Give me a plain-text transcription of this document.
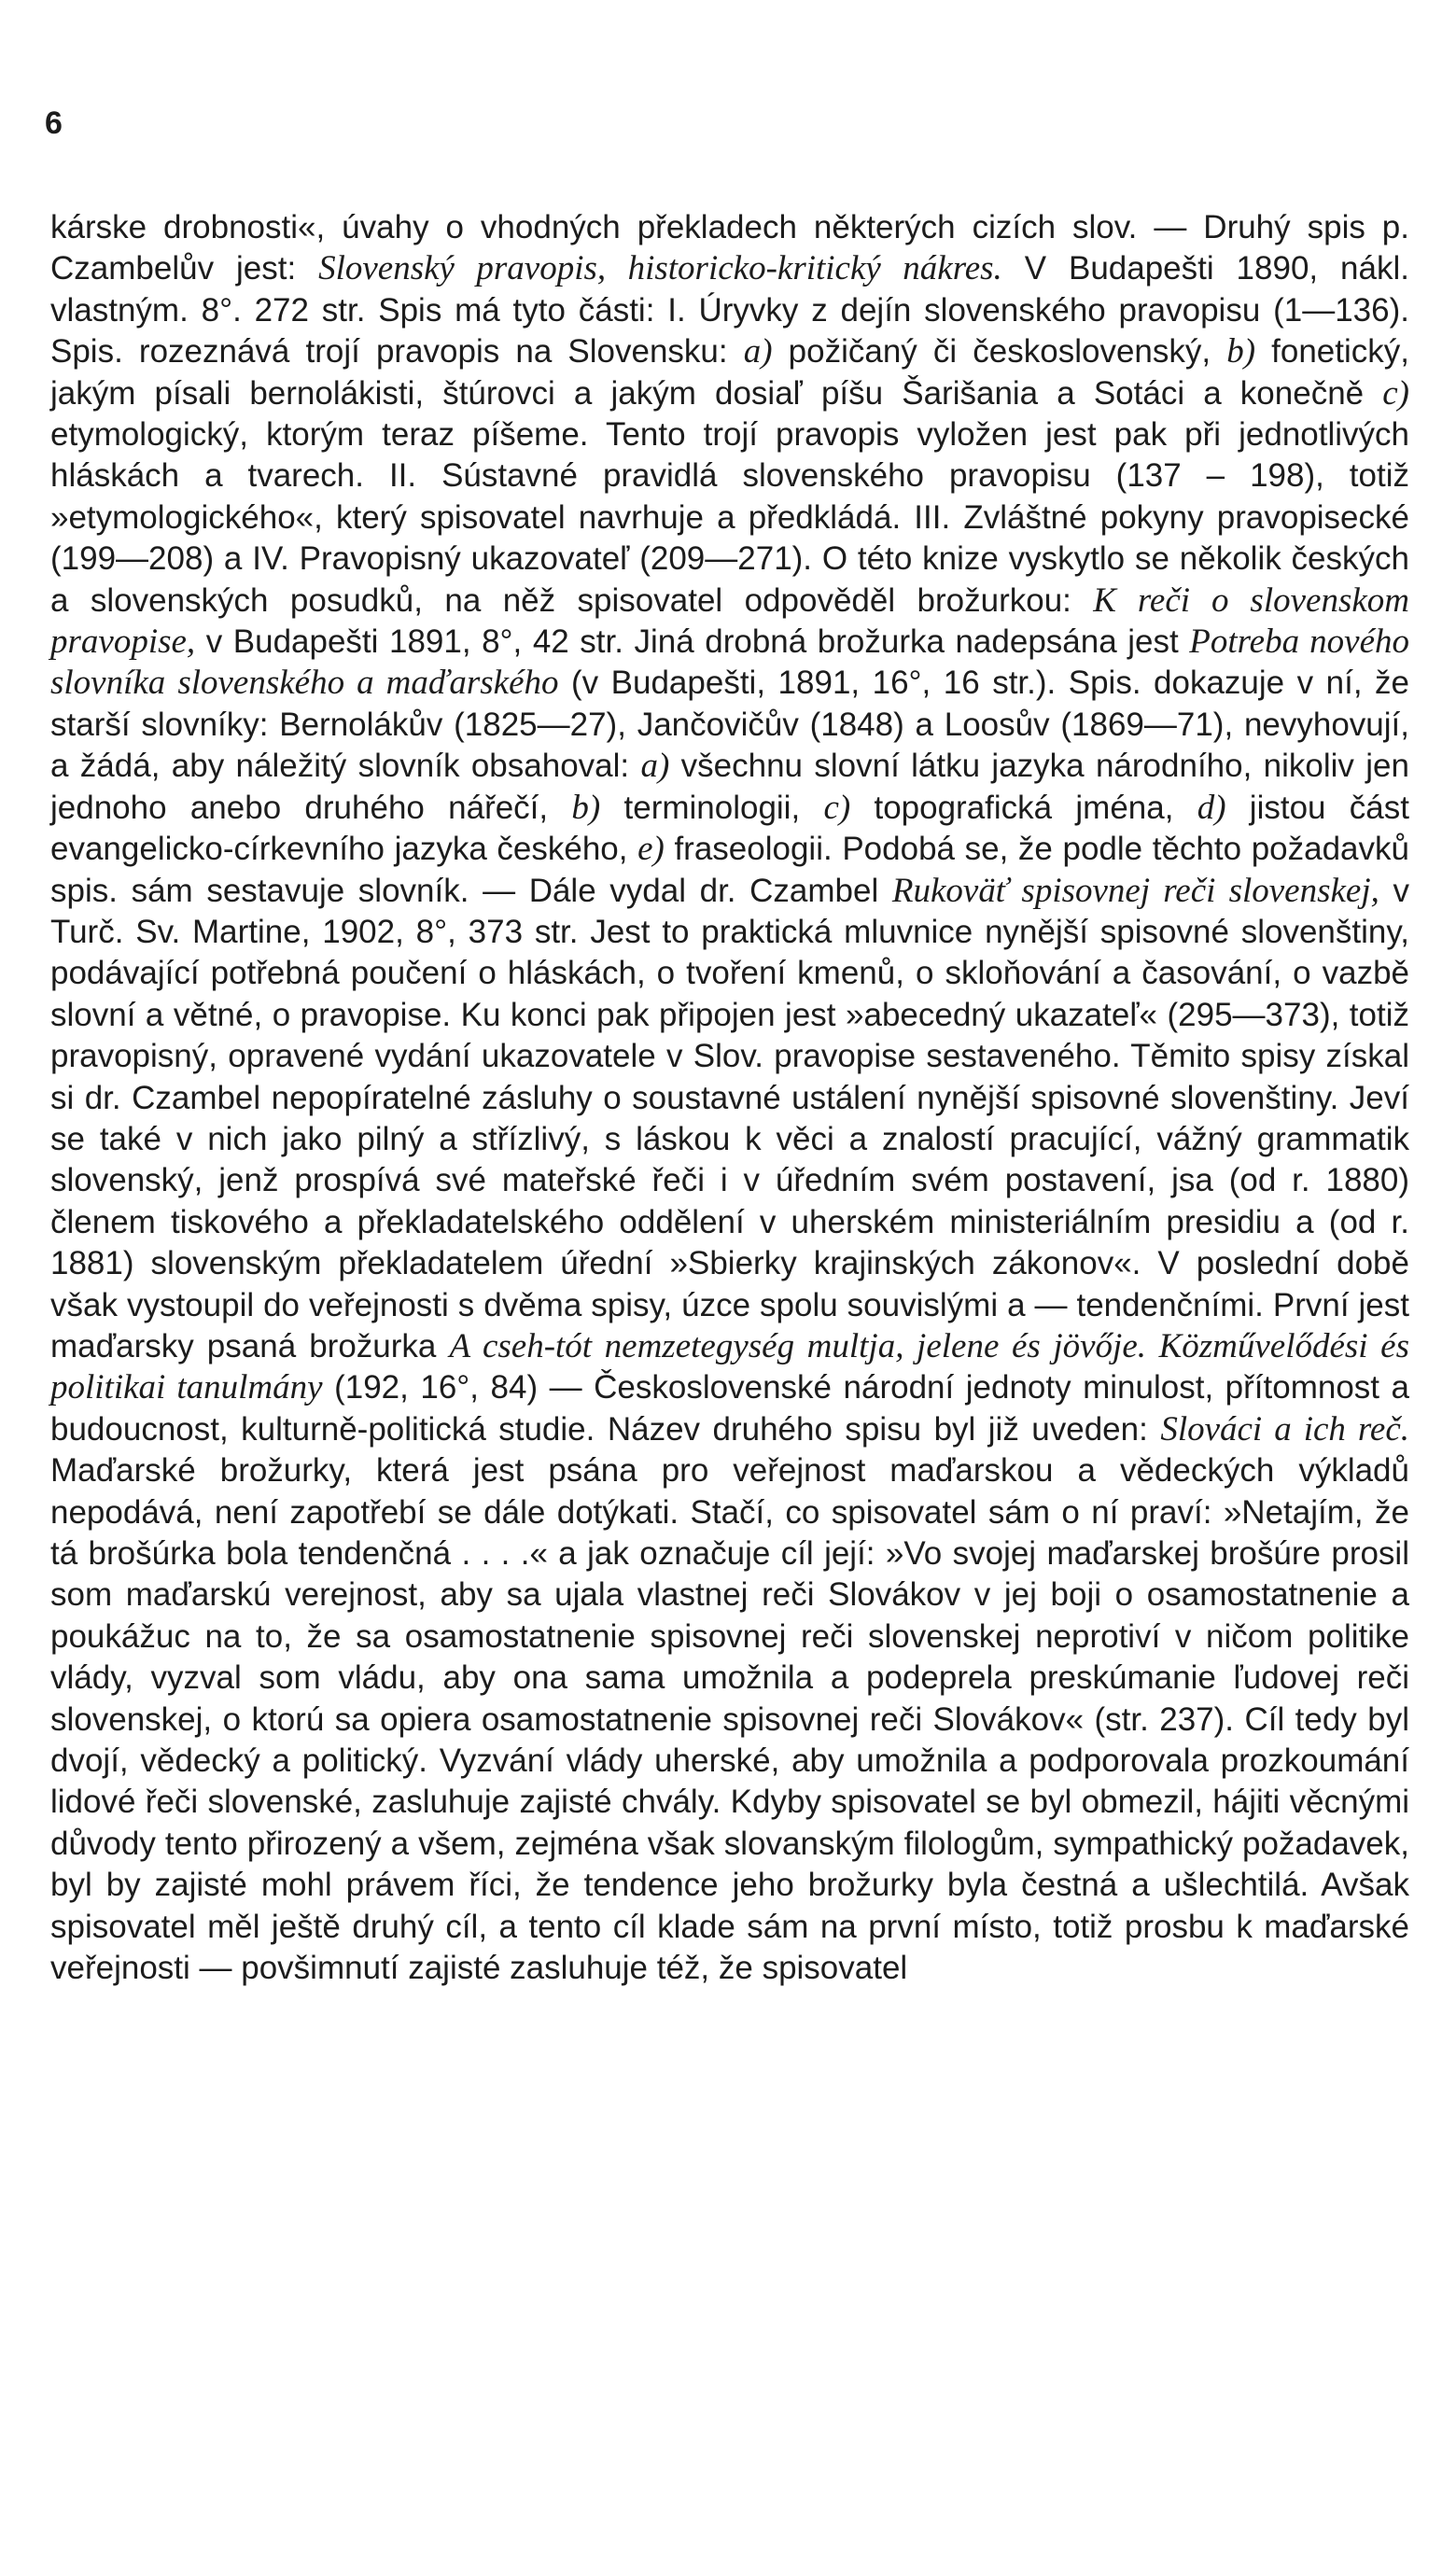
6

kárske drobnosti«, úvahy o vhodných překladech některých cizích slov. — Druhý spis p. Czambelův jest: Slovenský pravopis, historicko-kritický nákres. V Budapešti 1890, nákl. vlastným. 8°. 272 str. Spis má tyto části: I. Úryvky z dejín slovenského pravopisu (1—136). Spis. rozeznává trojí pravopis na Slovensku: a) požičaný či československý, b) fonetický, jakým písali bernolákisti, štúrovci a jakým dosiaľ píšu Šarišania a Sotáci a konečně c) etymologický, ktorým teraz píšeme. Tento trojí pravopis vyložen jest pak při jednotlivých hláskách a tvarech. II. Sústavné pravidlá slovenského pravopisu (137 – 198), totiž »etymologického«, který spisovatel navrhuje a předkládá. III. Zvláštné pokyny pravopisecké (199—208) a IV. Pravopisný ukazovateľ (209—271). O této knize vyskytlo se několik českých a slovenských posudků, na něž spisovatel odpověděl brožurkou: K reči o slovenskom pravopise, v Budapešti 1891, 8°, 42 str. Jiná drobná brožurka nadepsána jest Potreba nového slovníka slovenského a maďarského (v Budapešti, 1891, 16°, 16 str.). Spis. dokazuje v ní, že starší slovníky: Bernolákův (1825—27), Jančovičův (1848) a Loosův (1869—71), nevyhovují, a žádá, aby náležitý slovník obsahoval: a) všechnu slovní látku jazyka národního, nikoliv jen jednoho anebo druhého nářečí, b) terminologii, c) topografická jména, d) jistou část evangelicko-církevního jazyka českého, e) fraseologii. Podobá se, že podle těchto požadavků spis. sám sestavuje slovník. — Dále vydal dr. Czambel Rukoväť spisovnej reči slovenskej, v Turč. Sv. Martine, 1902, 8°, 373 str. Jest to praktická mluvnice nynější spisovné slovenštiny, podávající potřebná poučení o hláskách, o tvoření kmenů, o skloňování a časování, o vazbě slovní a větné, o pravopise. Ku konci pak připojen jest »abecedný ukazateľ« (295—373), totiž pravopisný, opravené vydání ukazovatele v Slov. pravopise sestaveného. Těmito spisy získal si dr. Czambel nepopíratelné zásluhy o soustavné ustálení nynější spisovné slovenštiny. Jeví se také v nich jako pilný a střízlivý, s láskou k věci a znalostí pracující, vážný grammatik slovenský, jenž prospívá své mateřské řeči i v úředním svém postavení, jsa (od r. 1880) členem tiskového a překladatelského oddělení v uherském ministeriálním presidiu a (od r. 1881) slovenským překladatelem úřední »Sbierky krajinských zákonov«. V poslední době však vystoupil do veřejnosti s dvěma spisy, úzce spolu souvislými a — tendenčními. První jest maďarsky psaná brožurka A cseh-tót nemzetegység multja, jelene és jövője. Közművelődési és politikai tanulmány (192, 16°, 84) — Československé národní jednoty minulost, přítomnost a budoucnost, kulturně-politická studie. Název druhého spisu byl již uveden: Slováci a ich reč. Maďarské brožurky, která jest psána pro veřejnost maďarskou a vědeckých výkladů nepodává, není zapotřebí se dále dotýkati. Stačí, co spisovatel sám o ní praví: »Netajím, že tá brošúrka bola tendenčná . . . .« a jak označuje cíl její: »Vo svojej maďarskej brošúre prosil som maďarskú verejnost, aby sa ujala vlastnej reči Slovákov v jej boji o osamostatnenie a poukážuc na to, že sa osamostatnenie spisovnej reči slovenskej neprotiví v ničom politike vlády, vyzval som vládu, aby ona sama umožnila a podeprela preskúmanie ľudovej reči slovenskej, o ktorú sa opiera osamostatnenie spisovnej reči Slovákov« (str. 237). Cíl tedy byl dvojí, vědecký a politický. Vyzvání vlády uherské, aby umožnila a podporovala prozkoumání lidové řeči slovenské, zasluhuje zajisté chvály. Kdyby spisovatel se byl obmezil, hájiti věcnými důvody tento přirozený a všem, zejména však slovanským filologům, sympathický požadavek, byl by zajisté mohl právem říci, že tendence jeho brožurky byla čestná a ušlechtilá. Avšak spisovatel měl ještě druhý cíl, a tento cíl klade sám na první místo, totiž prosbu k maďarské veřejnosti — povšimnutí zajisté zasluhuje též, že spisovatel
